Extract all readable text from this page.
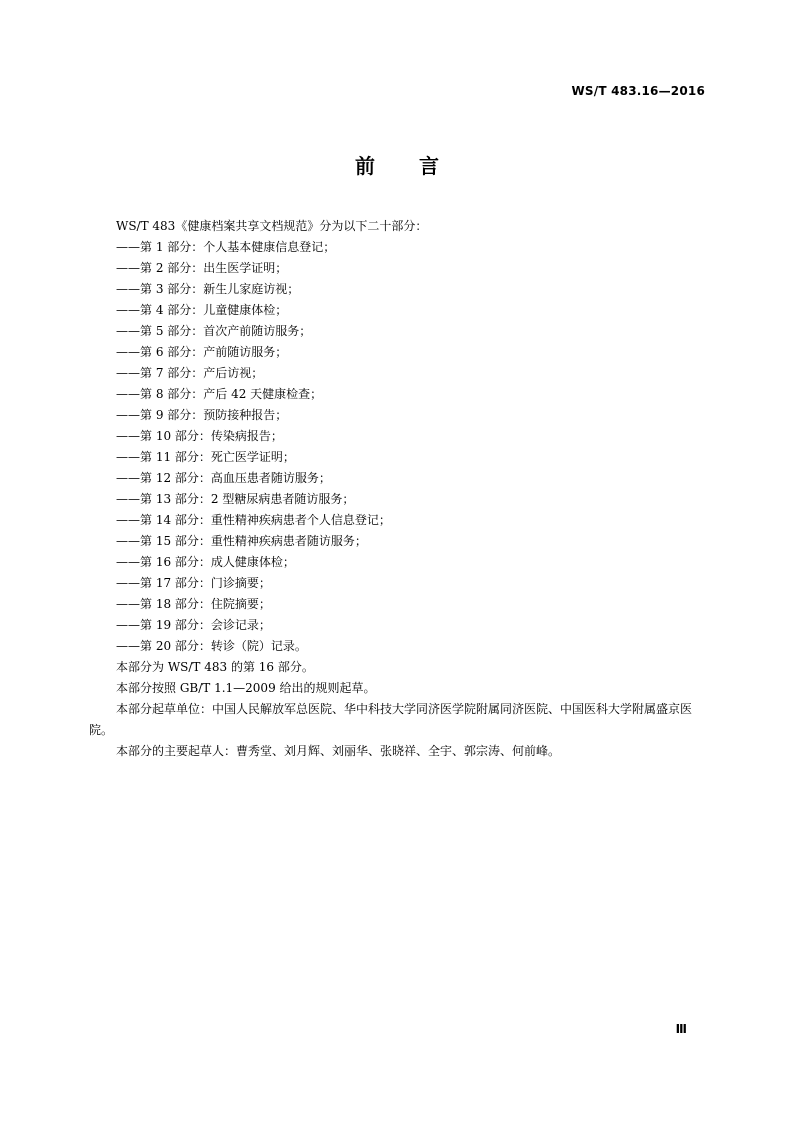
WS/T 483.16—2016
前言

WS/T 483《健康档案共享文档规范》分为以下二十部分：

——第 1 部分：个人基本健康信息登记；
——第 2 部分：出生医学证明；
——第 3 部分：新生儿家庭访视；
——第 4 部分：儿童健康体检；
——第 5 部分：首次产前随访服务；
——第 6 部分：产前随访服务；
——第 7 部分：产后访视；
——第 8 部分：产后 42 天健康检查；
——第 9 部分：预防接种报告；
——第 10 部分：传染病报告；
——第 11 部分：死亡医学证明；
——第 12 部分：高血压患者随访服务；
——第 13 部分：2 型糖尿病患者随访服务；
——第 14 部分：重性精神疾病患者个人信息登记；
——第 15 部分：重性精神疾病患者随访服务；
——第 16 部分：成人健康体检；
——第 17 部分：门诊摘要；
——第 18 部分：住院摘要；
——第 19 部分：会诊记录；
——第 20 部分：转诊（院）记录。

本部分为 WS/T 483 的第 16 部分。

本部分按照 GB/T 1.1—2009 给出的规则起草。

本部分起草单位：中国人民解放军总医院、华中科技大学同济医学院附属同济医院、中国医科大学附属盛京医院。

本部分的主要起草人：曹秀堂、刘月辉、刘丽华、张晓祥、全宇、郭宗涛、何前峰。

Ⅲ
